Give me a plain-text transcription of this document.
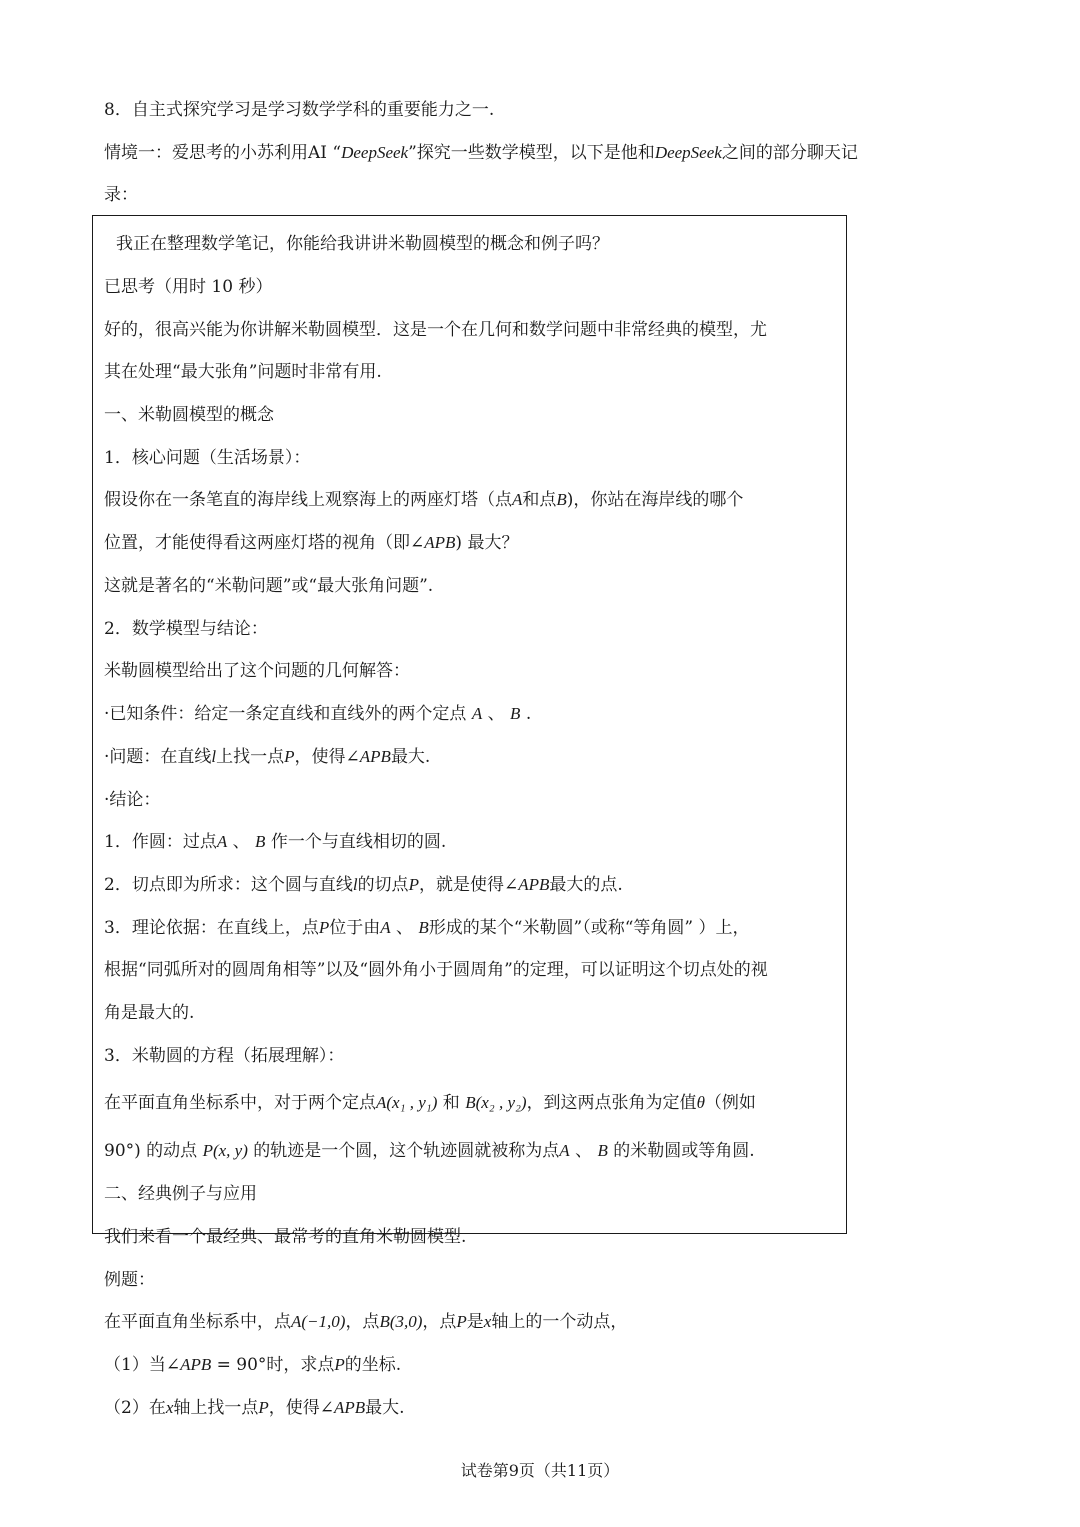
8．自主式探究学习是学习数学学科的重要能力之一.
情境一：爱思考的小苏利用AI “DeepSeek”探究一些数学模型，以下是他和DeepSeek之间的部分聊天记
录：
我正在整理数学笔记，你能给我讲讲米勒圆模型的概念和例子吗？
已思考（用时 10 秒）
好的，很高兴能为你讲解米勒圆模型．这是一个在几何和数学问题中非常经典的模型，尤
其在处理“最大张角”问题时非常有用.
一、米勒圆模型的概念
1．核心问题（生活场景）：
假设你在一条笔直的海岸线上观察海上的两座灯塔（点A和点B)，你站在海岸线的哪个
位置，才能使得看这两座灯塔的视角（即∠APB) 最大？
这就是著名的“米勒问题”或“最大张角问题”.
2．数学模型与结论：
米勒圆模型给出了这个问题的几何解答：
·已知条件：给定一条定直线和直线外的两个定点 A 、 B .
·问题：在直线l上找一点P，使得∠APB最大.
·结论：
1．作圆：过点A 、 B 作一个与直线相切的圆.
2．切点即为所求：这个圆与直线l的切点P，就是使得∠APB最大的点.
3．理论依据：在直线上，点P位于由A 、 B形成的某个“米勒圆”（或称“等角圆” ）上，
根据“同弧所对的圆周角相等”以及“圆外角小于圆周角”的定理，可以证明这个切点处的视
角是最大的.
3．米勒圆的方程（拓展理解）：
在平面直角坐标系中，对于两个定点A(x₁ , y₁) 和 B(x₂ , y₂)，到这两点张角为定值θ（例如
90°) 的动点 P(x, y) 的轨迹是一个圆，这个轨迹圆就被称为点A 、 B 的米勒圆或等角圆.
二、经典例子与应用
我们来看一个最经典、最常考的直角米勒圆模型.
例题：
在平面直角坐标系中，点A(−1,0)，点B(3,0)，点P是x轴上的一个动点，
（1）当∠APB = 90°时，求点P的坐标.
（2）在x轴上找一点P，使得∠APB最大.
试卷第9页（共11页）
